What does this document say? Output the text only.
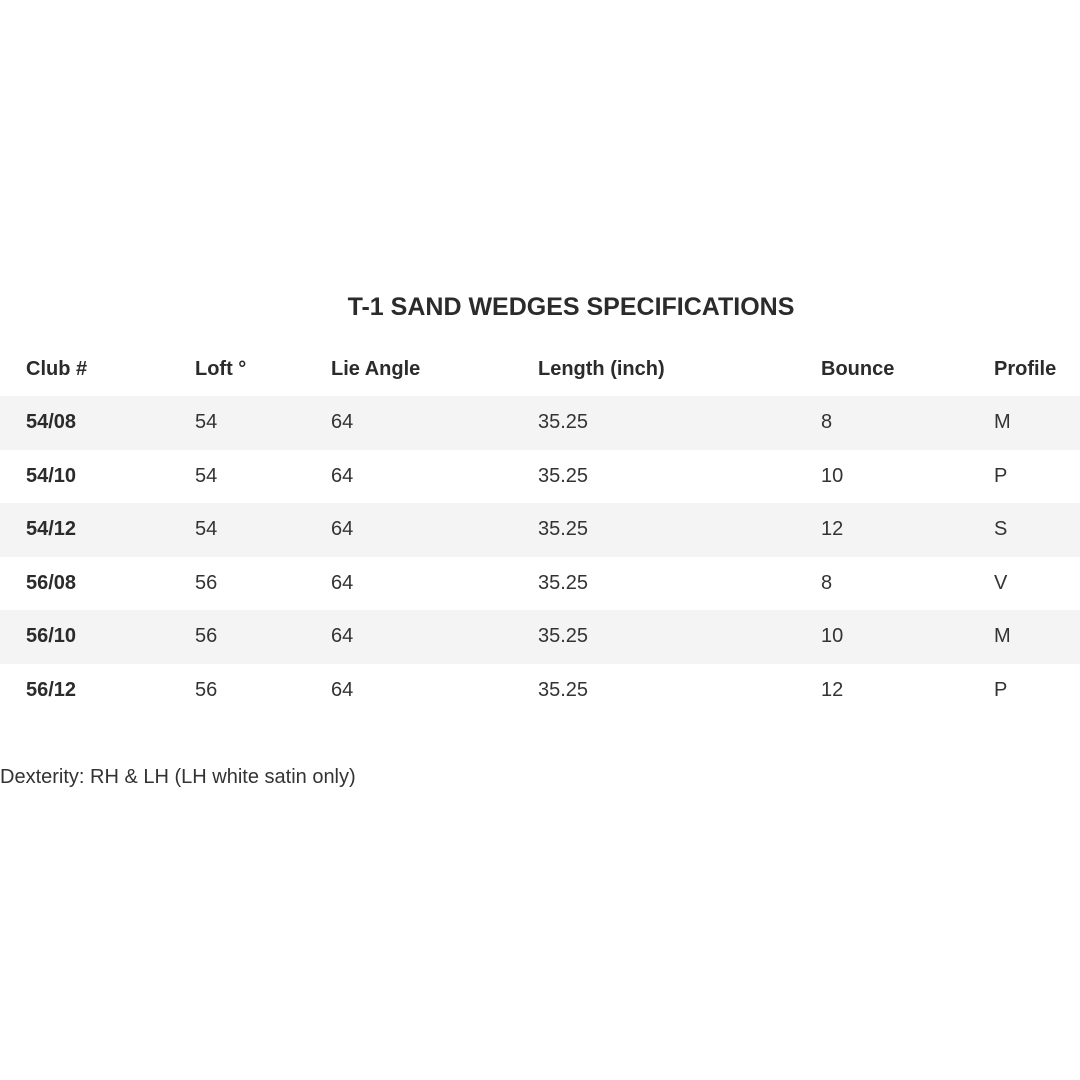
T-1 SAND WEDGES SPECIFICATIONS
Club #	Loft °	Lie Angle	Length (inch)	Bounce	Profile
54/08	54	64	35.25	8	M
54/10	54	64	35.25	10	P
54/12	54	64	35.25	12	S
56/08	56	64	35.25	8	V
56/10	56	64	35.25	10	M
56/12	56	64	35.25	12	P
Dexterity: RH & LH (LH white satin only)
